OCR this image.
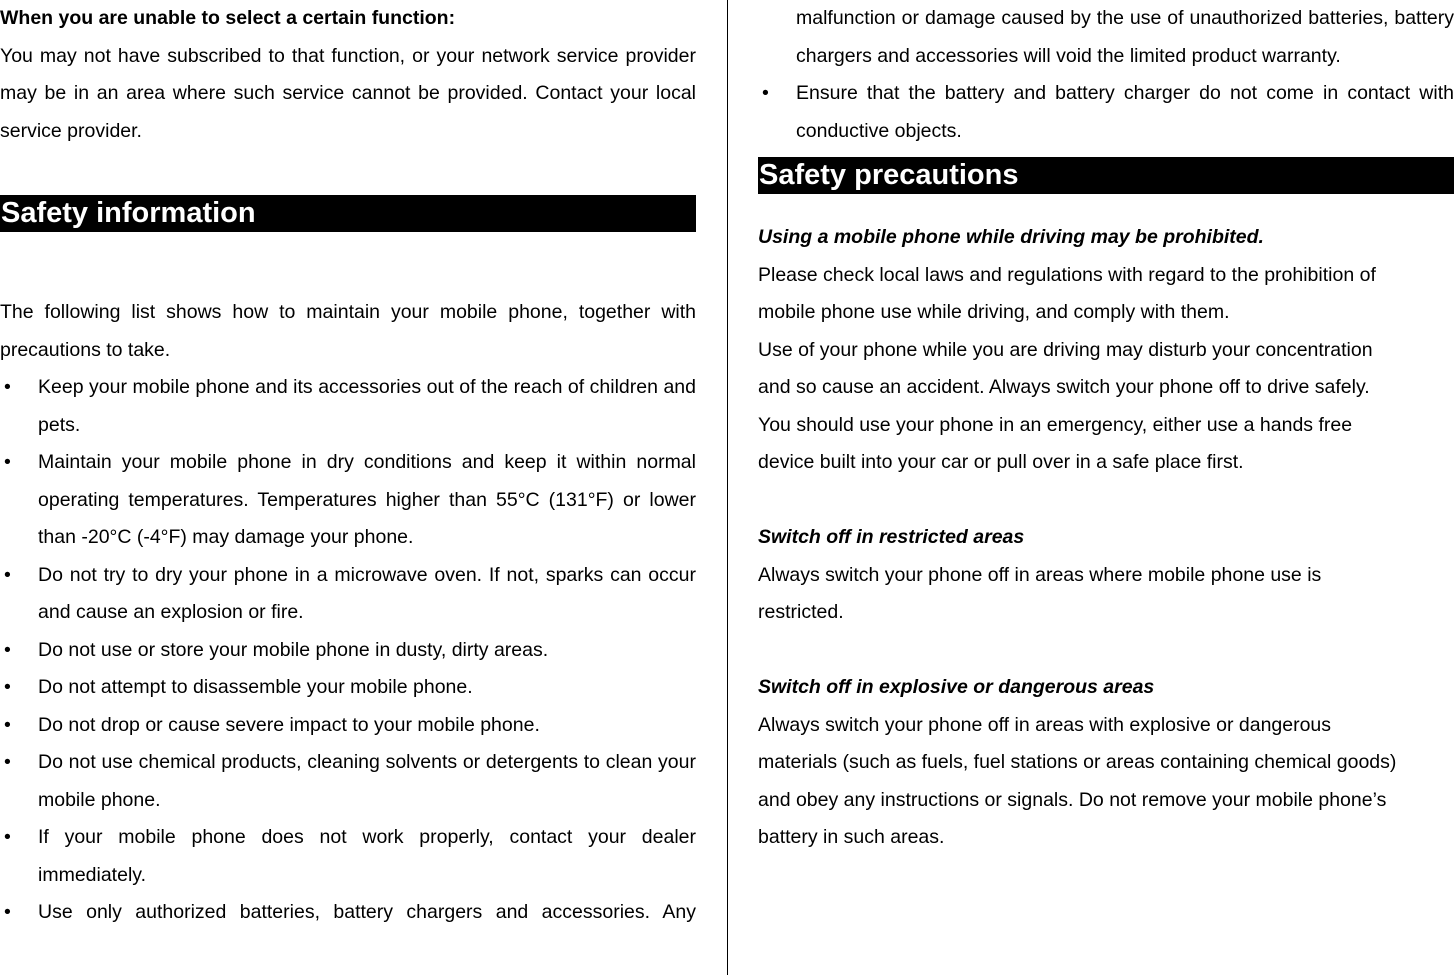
When you are unable to select a certain function:

You may not have subscribed to that function, or your network service provider may be in an area where such service cannot be provided. Contact your local service provider.

Safety information

The following list shows how to maintain your mobile phone, together with precautions to take.

• Keep your mobile phone and its accessories out of the reach of children and pets.
• Maintain your mobile phone in dry conditions and keep it within normal operating temperatures. Temperatures higher than 55°C (131°F) or lower than -20°C (-4°F) may damage your phone.
• Do not try to dry your phone in a microwave oven. If not, sparks can occur and cause an explosion or fire.
• Do not use or store your mobile phone in dusty, dirty areas.
• Do not attempt to disassemble your mobile phone.
• Do not drop or cause severe impact to your mobile phone.
• Do not use chemical products, cleaning solvents or detergents to clean your mobile phone.
• If your mobile phone does not work properly, contact your dealer immediately.
• Use only authorized batteries, battery chargers and accessories. Any

malfunction or damage caused by the use of unauthorized batteries, battery chargers and accessories will void the limited product warranty.

• Ensure that the battery and battery charger do not come in contact with conductive objects.
Safety precautions

Using a mobile phone while driving may be prohibited.

Please check local laws and regulations with regard to the prohibition of

mobile phone use while driving, and comply with them.

Use of your phone while you are driving may disturb your concentration

and so cause an accident. Always switch your phone off to drive safely.

You should use your phone in an emergency, either use a hands free

device built into your car or pull over in a safe place first.

Switch off in restricted areas

Always switch your phone off in areas where mobile phone use is

restricted.

Switch off in explosive or dangerous areas

Always switch your phone off in areas with explosive or dangerous

materials (such as fuels, fuel stations or areas containing chemical goods)

and obey any instructions or signals. Do not remove your mobile phone’s

battery in such areas.
